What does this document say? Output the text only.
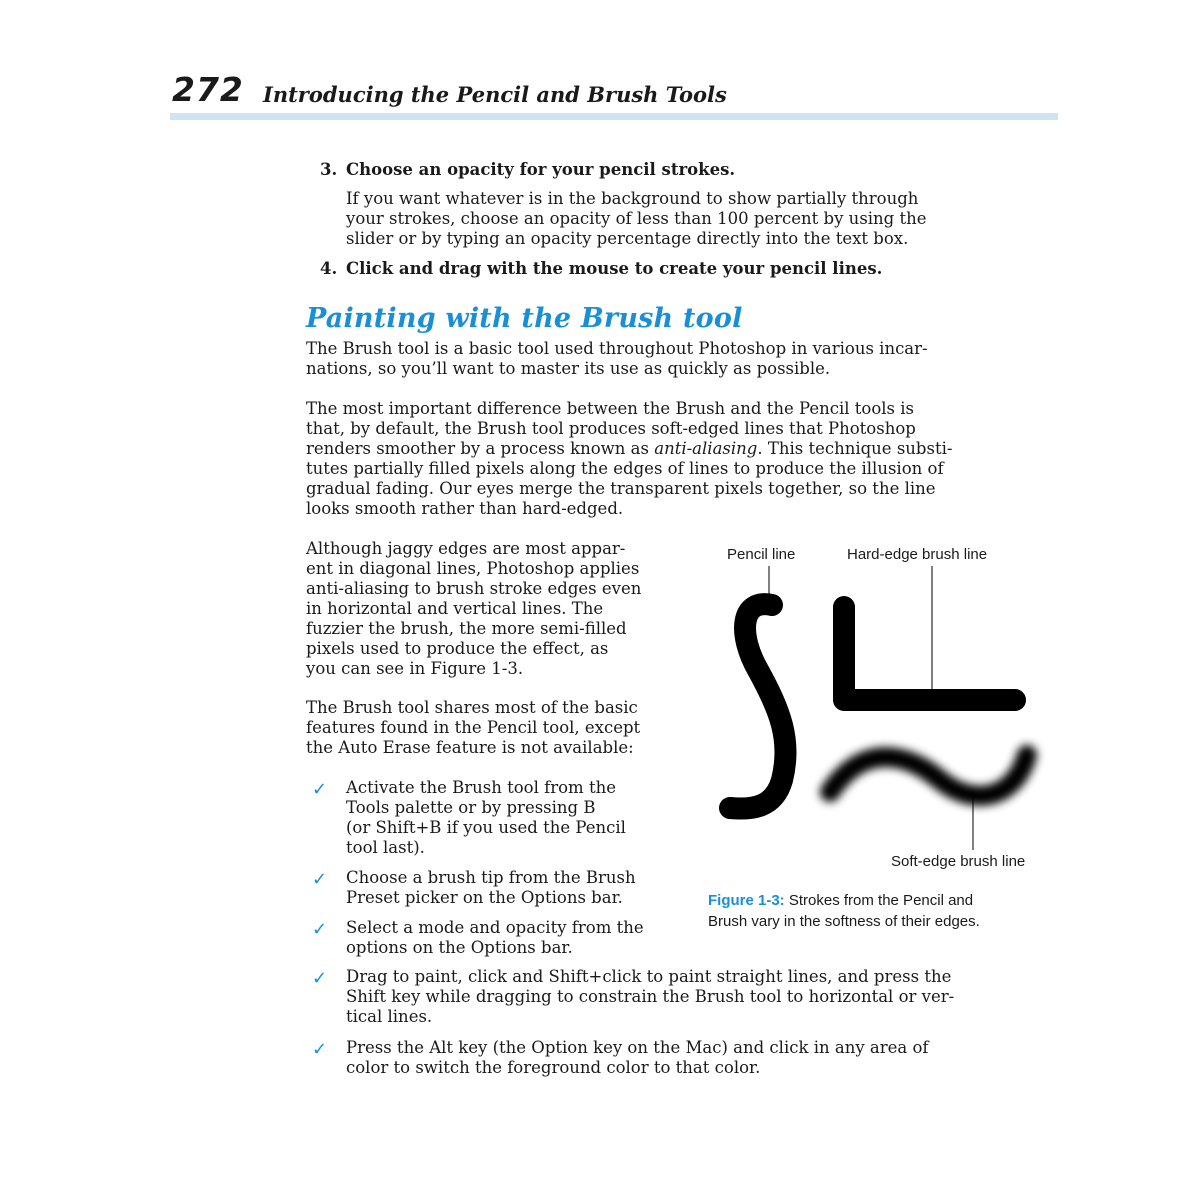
272 Introducing the Pencil and Brush Tools
3. Choose an opacity for your pencil strokes.
If you want whatever is in the background to show partially through
your strokes, choose an opacity of less than 100 percent by using the
slider or by typing an opacity percentage directly into the text box.
4. Click and drag with the mouse to create your pencil lines.
Painting with the Brush tool
The Brush tool is a basic tool used throughout Photoshop in various incar-
nations, so you’ll want to master its use as quickly as possible.
The most important difference between the Brush and the Pencil tools is
that, by default, the Brush tool produces soft-edged lines that Photoshop
renders smoother by a process known as anti-aliasing. This technique substi-
tutes partially filled pixels along the edges of lines to produce the illusion of
gradual fading. Our eyes merge the transparent pixels together, so the line
looks smooth rather than hard-edged.
Although jaggy edges are most appar-
ent in diagonal lines, Photoshop applies
anti-aliasing to brush stroke edges even
in horizontal and vertical lines. The
fuzzier the brush, the more semi-filled
pixels used to produce the effect, as
you can see in Figure 1-3.
The Brush tool shares most of the basic
features found in the Pencil tool, except
the Auto Erase feature is not available:
✓ Activate the Brush tool from the
Tools palette or by pressing B
(or Shift+B if you used the Pencil
tool last).
✓ Choose a brush tip from the Brush
Preset picker on the Options bar.
✓ Select a mode and opacity from the
options on the Options bar.
✓ Drag to paint, click and Shift+click to paint straight lines, and press the
Shift key while dragging to constrain the Brush tool to horizontal or ver-
tical lines.
✓ Press the Alt key (the Option key on the Mac) and click in any area of
color to switch the foreground color to that color.
Pencil line	Hard-edge brush line
Soft-edge brush line
Figure 1-3: Strokes from the Pencil and
Brush vary in the softness of their edges.
